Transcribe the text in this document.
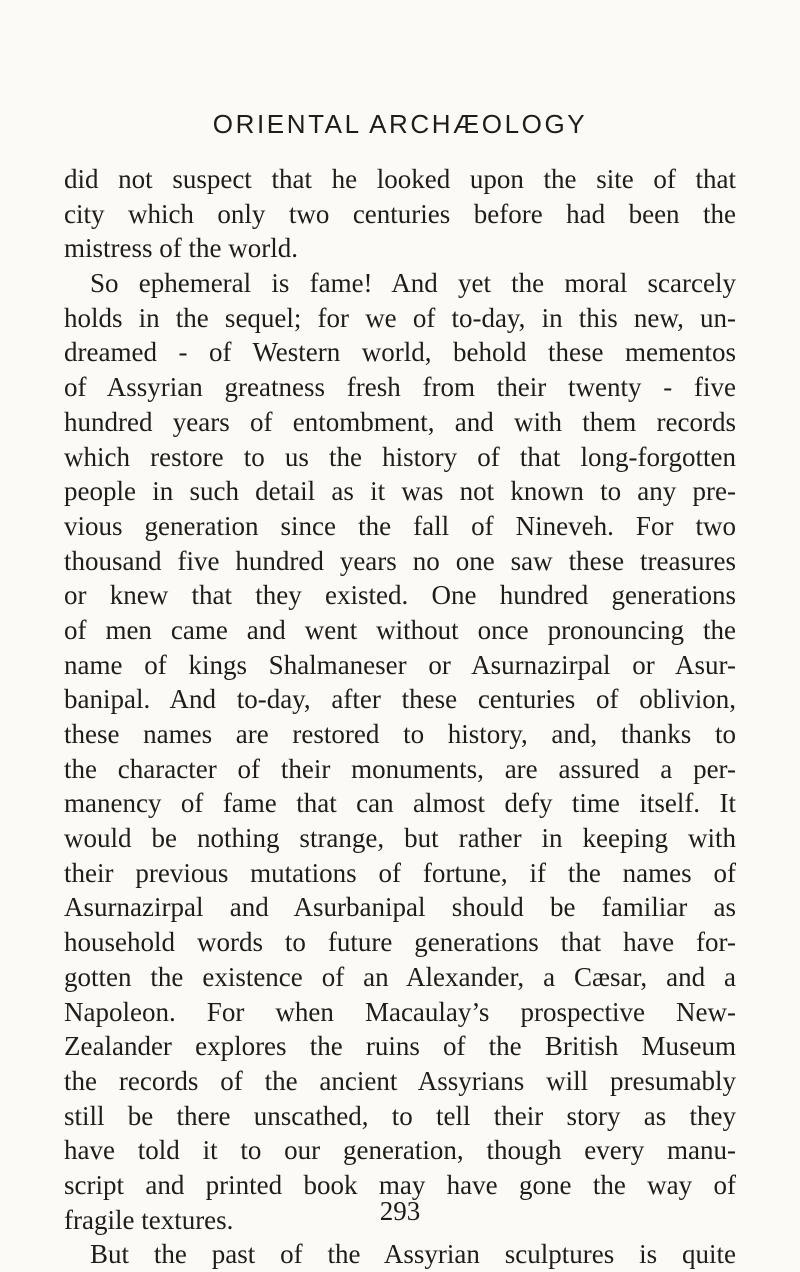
ORIENTAL ARCHÆOLOGY
did not suspect that he looked upon the site of that
city which only two centuries before had been the
mistress of the world.
So ephemeral is fame! And yet the moral scarcely
holds in the sequel; for we of to-day, in this new, un-
dreamed - of Western world, behold these mementos
of Assyrian greatness fresh from their twenty - five
hundred years of entombment, and with them records
which restore to us the history of that long-forgotten
people in such detail as it was not known to any pre-
vious generation since the fall of Nineveh. For two
thousand five hundred years no one saw these treasures
or knew that they existed. One hundred generations
of men came and went without once pronouncing the
name of kings Shalmaneser or Asurnazirpal or Asur-
banipal. And to-day, after these centuries of oblivion,
these names are restored to history, and, thanks to
the character of their monuments, are assured a per-
manency of fame that can almost defy time itself. It
would be nothing strange, but rather in keeping with
their previous mutations of fortune, if the names of
Asurnazirpal and Asurbanipal should be familiar as
household words to future generations that have for-
gotten the existence of an Alexander, a Cæsar, and a
Napoleon. For when Macaulay’s prospective New-
Zealander explores the ruins of the British Museum
the records of the ancient Assyrians will presumably
still be there unscathed, to tell their story as they
have told it to our generation, though every manu-
script and printed book may have gone the way of
fragile textures.
But the past of the Assyrian sculptures is quite
293
